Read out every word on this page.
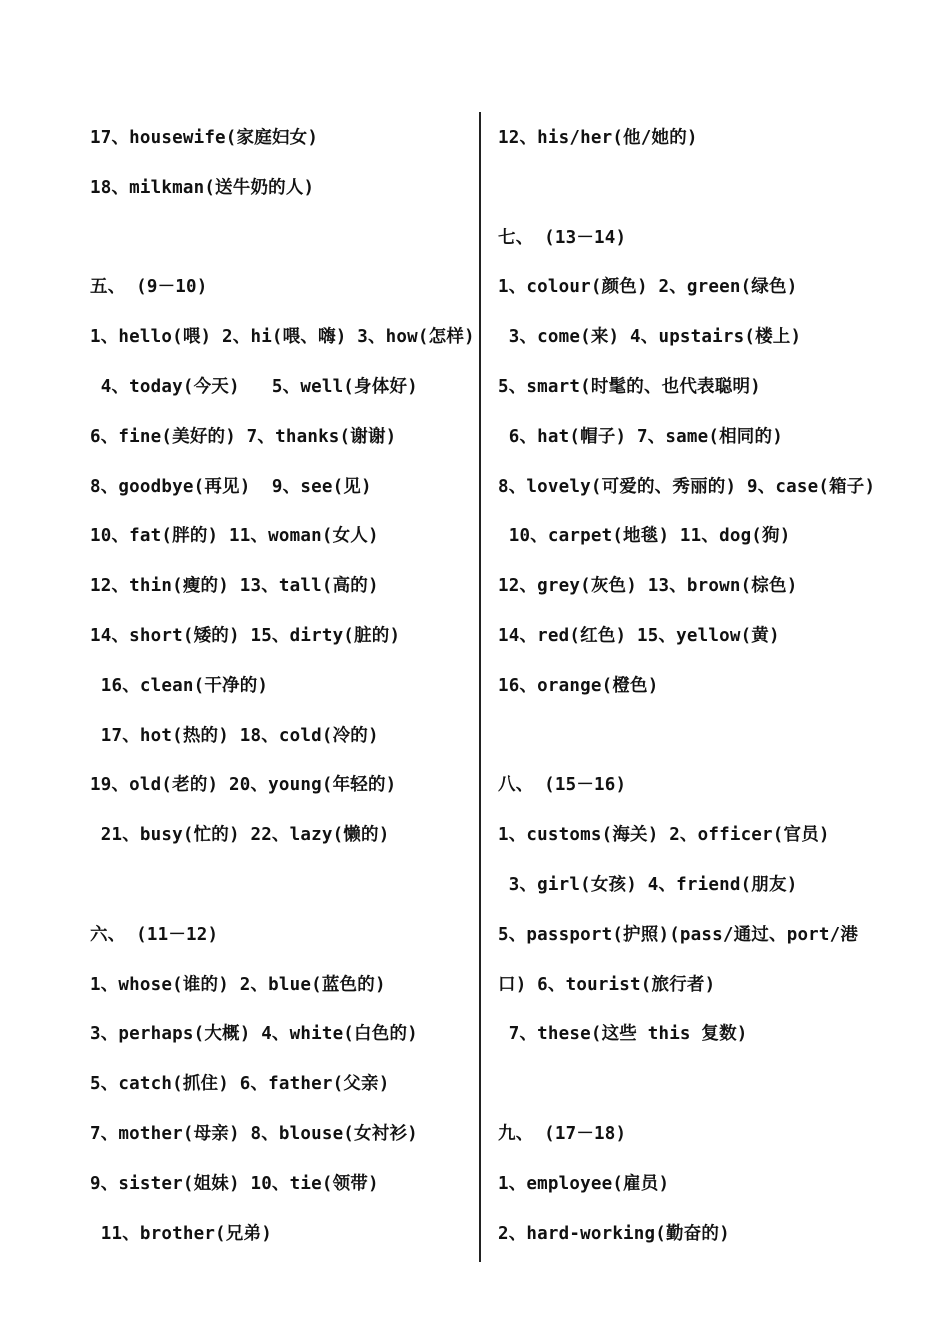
17、housewife(家庭妇女)
18、milkman(送牛奶的人)
五、 (9－10)
1、hello(喂) 2、hi(喂、嗨) 3、how(怎样)
4、today(今天)   5、well(身体好)
6、fine(美好的) 7、thanks(谢谢)
8、goodbye(再见)  9、see(见)
10、fat(胖的) 11、woman(女人)
12、thin(瘦的) 13、tall(高的)
14、short(矮的) 15、dirty(脏的)
16、clean(干净的)
17、hot(热的) 18、cold(冷的)
19、old(老的) 20、young(年轻的)
21、busy(忙的) 22、lazy(懒的)
六、 (11－12)
1、whose(谁的) 2、blue(蓝色的)
3、perhaps(大概) 4、white(白色的)
5、catch(抓住) 6、father(父亲)
7、mother(母亲) 8、blouse(女衬衫)
9、sister(姐妹) 10、tie(领带)
11、brother(兄弟)
12、his/her(他/她的)
七、 (13－14)
1、colour(颜色) 2、green(绿色)
3、come(来) 4、upstairs(楼上)
5、smart(时髦的、也代表聪明)
6、hat(帽子) 7、same(相同的)
8、lovely(可爱的、秀丽的) 9、case(箱子)
10、carpet(地毯) 11、dog(狗)
12、grey(灰色) 13、brown(棕色)
14、red(红色) 15、yellow(黄)
16、orange(橙色)
八、 (15－16)
1、customs(海关) 2、officer(官员)
3、girl(女孩) 4、friend(朋友)
5、passport(护照)(pass/通过、port/港
口) 6、tourist(旅行者)
7、these(这些 this 复数)
九、 (17－18)
1、employee(雇员)
2、hard-working(勤奋的)
